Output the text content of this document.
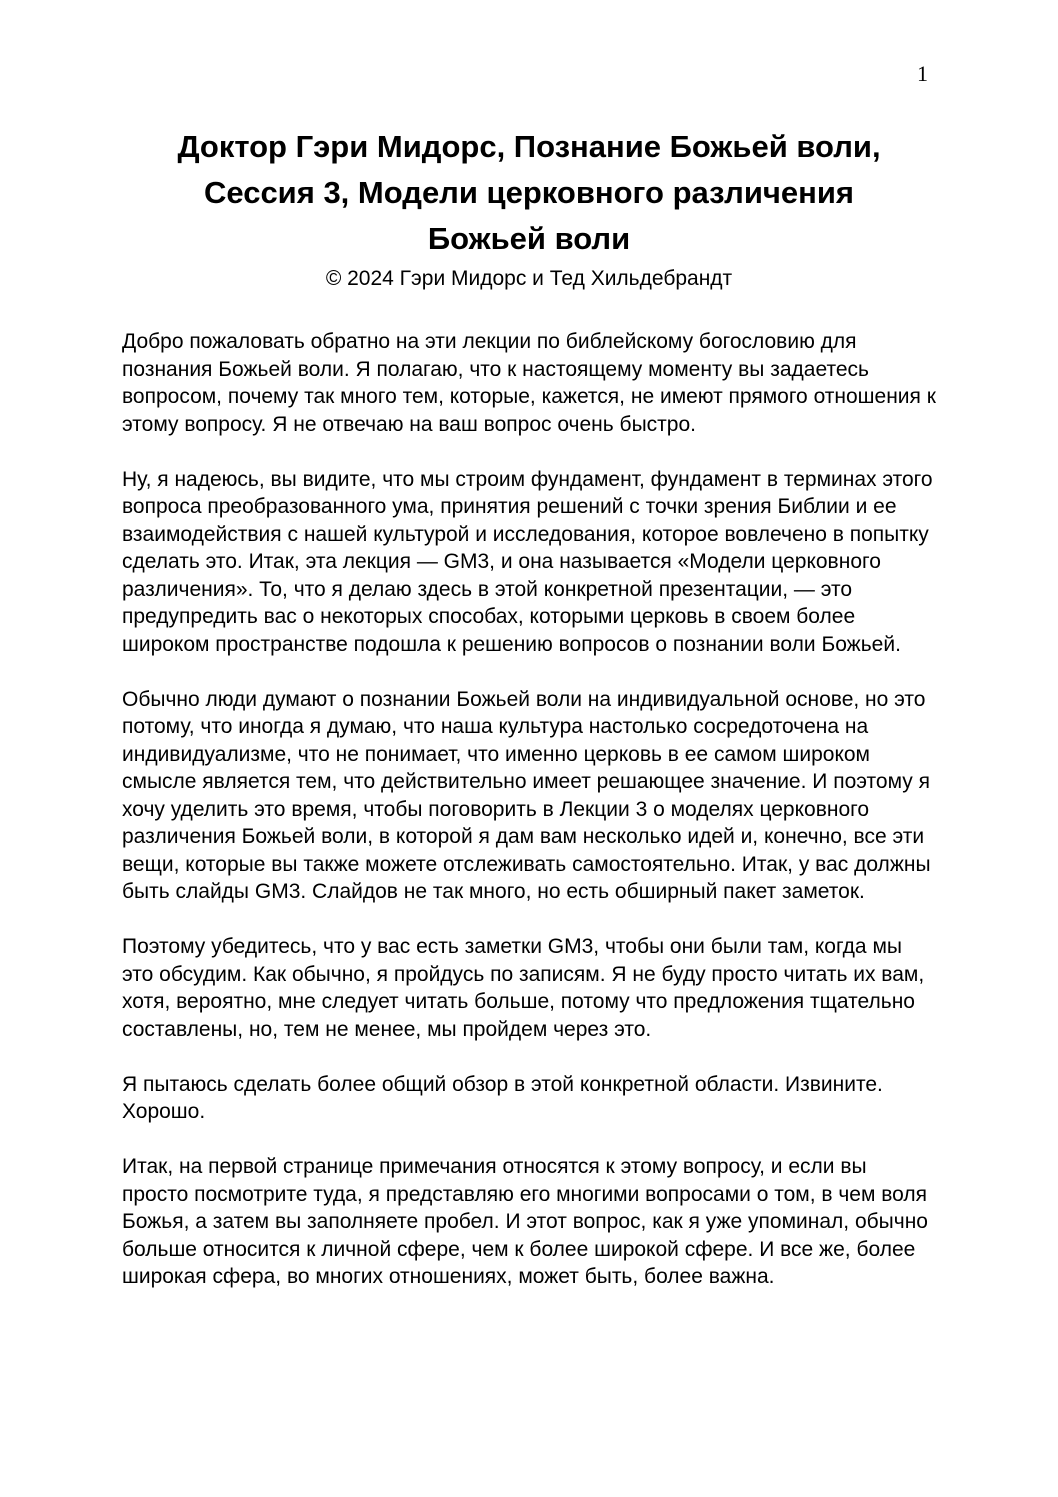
1
Доктор Гэри Мидорс, Познание Божьей воли,
Сессия 3, Модели церковного различения
Божьей воли
© 2024 Гэри Мидорс и Тед Хильдебрандт

Добро пожаловать обратно на эти лекции по библейскому богословию для познания Божьей воли. Я полагаю, что к настоящему моменту вы задаетесь вопросом, почему так много тем, которые, кажется, не имеют прямого отношения к этому вопросу. Я не отвечаю на ваш вопрос очень быстро.

Ну, я надеюсь, вы видите, что мы строим фундамент, фундамент в терминах этого вопроса преобразованного ума, принятия решений с точки зрения Библии и ее взаимодействия с нашей культурой и исследования, которое вовлечено в попытку сделать это. Итак, эта лекция — GM3, и она называется «Модели церковного различения». То, что я делаю здесь в этой конкретной презентации, — это предупредить вас о некоторых способах, которыми церковь в своем более широком пространстве подошла к решению вопросов о познании воли Божьей.

Обычно люди думают о познании Божьей воли на индивидуальной основе, но это потому, что иногда я думаю, что наша культура настолько сосредоточена на индивидуализме, что не понимает, что именно церковь в ее самом широком смысле является тем, что действительно имеет решающее значение. И поэтому я хочу уделить это время, чтобы поговорить в Лекции 3 о моделях церковного различения Божьей воли, в которой я дам вам несколько идей и, конечно, все эти вещи, которые вы также можете отслеживать самостоятельно. Итак, у вас должны быть слайды GM3. Слайдов не так много, но есть обширный пакет заметок.

Поэтому убедитесь, что у вас есть заметки GM3, чтобы они были там, когда мы это обсудим. Как обычно, я пройдусь по записям. Я не буду просто читать их вам, хотя, вероятно, мне следует читать больше, потому что предложения тщательно составлены, но, тем не менее, мы пройдем через это.

Я пытаюсь сделать более общий обзор в этой конкретной области. Извините. Хорошо.

Итак, на первой странице примечания относятся к этому вопросу, и если вы просто посмотрите туда, я представляю его многими вопросами о том, в чем воля Божья, а затем вы заполняете пробел. И этот вопрос, как я уже упоминал, обычно больше относится к личной сфере, чем к более широкой сфере. И все же, более широкая сфера, во многих отношениях, может быть, более важна.
